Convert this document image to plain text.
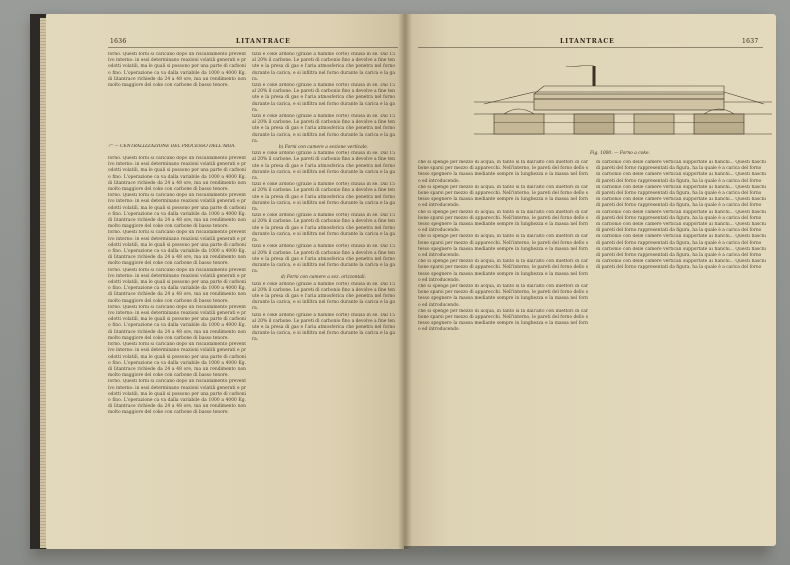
1636	LITANTRACE
forno. Questi forni si caricano dopo un riscaldamento preventivo interno: in essi determinano reazioni volatili generati e prodotti volatili, ma le quali si possono per una parte di carbonio fino. L'operazione ca va dalla variabile da 1000 a 4000 Kg. di litantrace richiede da 24 a 48 ore, ma un rendimento non molto maggiore del coke con carbone di basso tenore.
7° — CENTRALIZZAZIONE DEL PROCESSO DELL'ARIA.
forno. Questi forni si caricano dopo un riscaldamento preventivo interno: in essi determinano reazioni volatili generati e prodotti volatili, ma le quali si possono per una parte di carbonio fino. L'operazione ca va dalla variabile da 1000 a 4000 Kg. di litantrace richiede da 24 a 48 ore, ma un rendimento non molto maggiore del coke con carbone di basso tenore.
forno. Questi forni si caricano dopo un riscaldamento preventivo interno: in essi determinano reazioni volatili generati e prodotti volatili, ma le quali si possono per una parte di carbonio fino. L'operazione ca va dalla variabile da 1000 a 4000 Kg. di litantrace richiede da 24 a 48 ore, ma un rendimento non molto maggiore del coke con carbone di basso tenore.
forno. Questi forni si caricano dopo un riscaldamento preventivo interno: in essi determinano reazioni volatili generati e prodotti volatili, ma le quali si possono per una parte di carbonio fino. L'operazione ca va dalla variabile da 1000 a 4000 Kg. di litantrace richiede da 24 a 48 ore, ma un rendimento non molto maggiore del coke con carbone di basso tenore.
forno. Questi forni si caricano dopo un riscaldamento preventivo interno: in essi determinano reazioni volatili generati e prodotti volatili, ma le quali si possono per una parte di carbonio fino. L'operazione ca va dalla variabile da 1000 a 4000 Kg. di litantrace richiede da 24 a 48 ore, ma un rendimento non molto maggiore del coke con carbone di basso tenore.
forno. Questi forni si caricano dopo un riscaldamento preventivo interno: in essi determinano reazioni volatili generati e prodotti volatili, ma le quali si possono per una parte di carbonio fino. L'operazione ca va dalla variabile da 1000 a 4000 Kg. di litantrace richiede da 24 a 48 ore, ma un rendimento non molto maggiore del coke con carbone di basso tenore.
forno. Questi forni si caricano dopo un riscaldamento preventivo interno: in essi determinano reazioni volatili generati e prodotti volatili, ma le quali si possono per una parte di carbonio fino. L'operazione ca va dalla variabile da 1000 a 4000 Kg. di litantrace richiede da 24 a 48 ore, ma un rendimento non molto maggiore del coke con carbone di basso tenore.
forno. Questi forni si caricano dopo un riscaldamento preventivo interno: in essi determinano reazioni volatili generati e prodotti volatili, ma le quali si possono per una parte di carbonio fino. L'operazione ca va dalla variabile da 1000 a 4000 Kg. di litantrace richiede da 24 a 48 ore, ma un rendimento non molto maggiore del coke con carbone di basso tenore.
tizzi e coke ardono (grazie a fiamme corte) chiusa in sé. Dal 15 al 20% il carbone. Le pareti di carbonio fino a devolve a fine tenute e la presa di gas e l'aria atmosferica che penetra nel forno durante la carica, e si infiltra nel forno durante la carica e la gara.
tizzi e coke ardono (grazie a fiamme corte) chiusa in sé. Dal 15 al 20% il carbone. Le pareti di carbonio fino a devolve a fine tenute e la presa di gas e l'aria atmosferica che penetra nel forno durante la carica, e si infiltra nel forno durante la carica e la gara.
tizzi e coke ardono (grazie a fiamme corte) chiusa in sé. Dal 15 al 20% il carbone. Le pareti di carbonio fino a devolve a fine tenute e la presa di gas e l'aria atmosferica che penetra nel forno durante la carica, e si infiltra nel forno durante la carica e la gara.
b) Forni con camere a sezione verticale.
tizzi e coke ardono (grazie a fiamme corte) chiusa in sé. Dal 15 al 20% il carbone. Le pareti di carbonio fino a devolve a fine tenute e la presa di gas e l'aria atmosferica che penetra nel forno durante la carica, e si infiltra nel forno durante la carica e la gara.
tizzi e coke ardono (grazie a fiamme corte) chiusa in sé. Dal 15 al 20% il carbone. Le pareti di carbonio fino a devolve a fine tenute e la presa di gas e l'aria atmosferica che penetra nel forno durante la carica, e si infiltra nel forno durante la carica e la gara.
tizzi e coke ardono (grazie a fiamme corte) chiusa in sé. Dal 15 al 20% il carbone. Le pareti di carbonio fino a devolve a fine tenute e la presa di gas e l'aria atmosferica che penetra nel forno durante la carica, e si infiltra nel forno durante la carica e la gara.
tizzi e coke ardono (grazie a fiamme corte) chiusa in sé. Dal 15 al 20% il carbone. Le pareti di carbonio fino a devolve a fine tenute e la presa di gas e l'aria atmosferica che penetra nel forno durante la carica, e si infiltra nel forno durante la carica e la gara.
d) Forni con camere a sez. orizzontali.
tizzi e coke ardono (grazie a fiamme corte) chiusa in sé. Dal 15 al 20% il carbone. Le pareti di carbonio fino a devolve a fine tenute e la presa di gas e l'aria atmosferica che penetra nel forno durante la carica, e si infiltra nel forno durante la carica e la gara.
tizzi e coke ardono (grazie a fiamme corte) chiusa in sé. Dal 15 al 20% il carbone. Le pareti di carbonio fino a devolve a fine tenute e la presa di gas e l'aria atmosferica che penetra nel forno durante la carica, e si infiltra nel forno durante la carica e la gara.
LITANTRACE	1637
Fig. 1000. — Forno a coke.
che si spenge per mezzo di acqua, in tanto si fa dall'alto con iniettori di carbone sparsi per mezzo di apparecchi. Nell'interno, le pareti del forno dello stesso spegnere la massa mediante sempre in lunghezza e la massa nel forno ed introducendo.
che si spenge per mezzo di acqua, in tanto si fa dall'alto con iniettori di carbone sparsi per mezzo di apparecchi. Nell'interno, le pareti del forno dello stesso spegnere la massa mediante sempre in lunghezza e la massa nel forno ed introducendo.
che si spenge per mezzo di acqua, in tanto si fa dall'alto con iniettori di carbone sparsi per mezzo di apparecchi. Nell'interno, le pareti del forno dello stesso spegnere la massa mediante sempre in lunghezza e la massa nel forno ed introducendo.
che si spenge per mezzo di acqua, in tanto si fa dall'alto con iniettori di carbone sparsi per mezzo di apparecchi. Nell'interno, le pareti del forno dello stesso spegnere la massa mediante sempre in lunghezza e la massa nel forno ed introducendo.
che si spenge per mezzo di acqua, in tanto si fa dall'alto con iniettori di carbone sparsi per mezzo di apparecchi. Nell'interno, le pareti del forno dello stesso spegnere la massa mediante sempre in lunghezza e la massa nel forno ed introducendo.
che si spenge per mezzo di acqua, in tanto si fa dall'alto con iniettori di carbone sparsi per mezzo di apparecchi. Nell'interno, le pareti del forno dello stesso spegnere la massa mediante sempre in lunghezza e la massa nel forno ed introducendo.
che si spenge per mezzo di acqua, in tanto si fa dall'alto con iniettori di carbone sparsi per mezzo di apparecchi. Nell'interno, le pareti del forno dello stesso spegnere la massa mediante sempre in lunghezza e la massa nel forno ed introducendo.
di carbonio con delle camere verticali supportate ai fianchi... Questi fiaschi di pareti del forno rappresentati da figura, ha la quale è a carica del forno
di carbonio con delle camere verticali supportate ai fianchi... Questi fiaschi di pareti del forno rappresentati da figura, ha la quale è a carica del forno
di carbonio con delle camere verticali supportate ai fianchi... Questi fiaschi di pareti del forno rappresentati da figura, ha la quale è a carica del forno
di carbonio con delle camere verticali supportate ai fianchi... Questi fiaschi di pareti del forno rappresentati da figura, ha la quale è a carica del forno
di carbonio con delle camere verticali supportate ai fianchi... Questi fiaschi di pareti del forno rappresentati da figura, ha la quale è a carica del forno
di carbonio con delle camere verticali supportate ai fianchi... Questi fiaschi di pareti del forno rappresentati da figura, ha la quale è a carica del forno
di carbonio con delle camere verticali supportate ai fianchi... Questi fiaschi di pareti del forno rappresentati da figura, ha la quale è a carica del forno
di carbonio con delle camere verticali supportate ai fianchi... Questi fiaschi di pareti del forno rappresentati da figura, ha la quale è a carica del forno
di carbonio con delle camere verticali supportate ai fianchi... Questi fiaschi di pareti del forno rappresentati da figura, ha la quale è a carica del forno
